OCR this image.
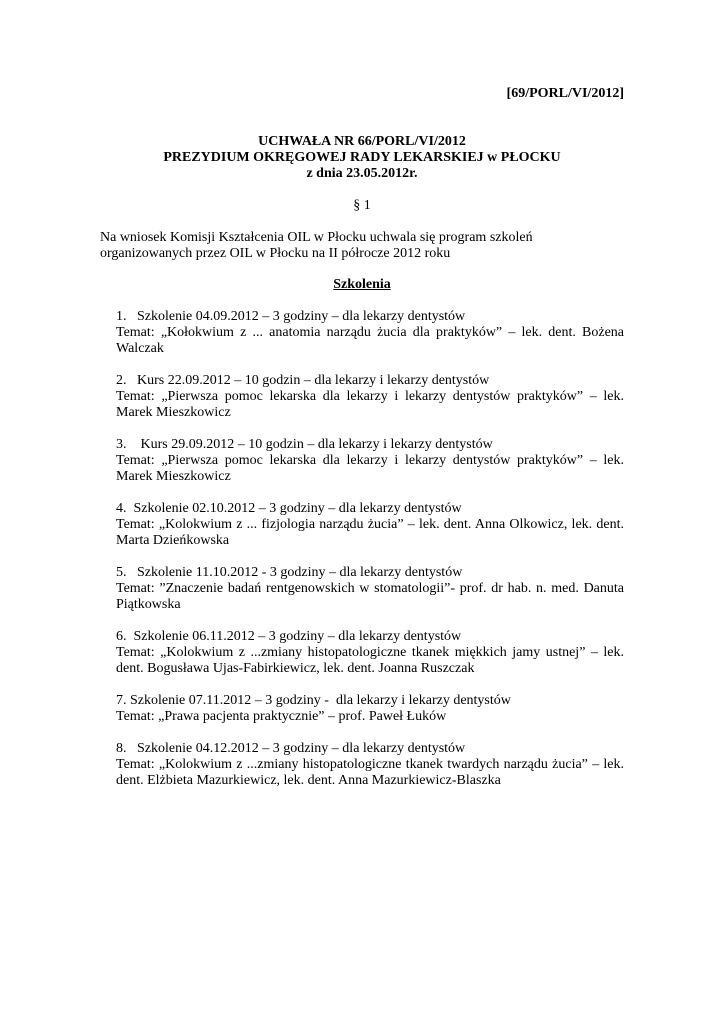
[69/PORL/VI/2012]
UCHWAŁA NR 66/PORL/VI/2012
PREZYDIUM OKRĘGOWEJ RADY LEKARSKIEJ w PŁOCKU
z dnia 23.05.2012r.
§ 1
Na wniosek Komisji Kształcenia OIL w Płocku uchwala się program szkoleń organizowanych przez OIL w Płocku na II półrocze 2012 roku
Szkolenia
1.   Szkolenie 04.09.2012 – 3 godziny – dla lekarzy dentystów
Temat: „Kołokwium z ... anatomia narządu żucia dla praktyków” – lek. dent. Bożena Walczak
2.   Kurs 22.09.2012 – 10 godzin – dla lekarzy i lekarzy dentystów
Temat: „Pierwsza pomoc lekarska dla lekarzy i lekarzy dentystów praktyków” – lek. Marek Mieszkowicz
3.    Kurs 29.09.2012 – 10 godzin – dla lekarzy i lekarzy dentystów
Temat: „Pierwsza pomoc lekarska dla lekarzy i lekarzy dentystów praktyków” – lek. Marek Mieszkowicz
4.  Szkolenie 02.10.2012 – 3 godziny – dla lekarzy dentystów
Temat: „Kolokwium z ... fizjologia narządu żucia” – lek. dent. Anna Olkowicz, lek. dent. Marta Dzieńkowska
5.   Szkolenie 11.10.2012 - 3 godziny – dla lekarzy dentystów
Temat: ”Znaczenie badań rentgenowskich w stomatologii”- prof. dr hab. n. med. Danuta Piątkowska
6.  Szkolenie 06.11.2012 – 3 godziny – dla lekarzy dentystów
Temat: „Kolokwium z ...zmiany histopatologiczne tkanek miękkich jamy ustnej” – lek. dent. Bogusława Ujas-Fabirkiewicz, lek. dent. Joanna Ruszczak
7. Szkolenie 07.11.2012 – 3 godziny -  dla lekarzy i lekarzy dentystów
Temat: „Prawa pacjenta praktycznie” – prof. Paweł Łuków
8.   Szkolenie 04.12.2012 – 3 godziny – dla lekarzy dentystów
Temat: „Kolokwium z ...zmiany histopatologiczne tkanek twardych narządu żucia” – lek. dent. Elżbieta Mazurkiewicz, lek. dent. Anna Mazurkiewicz-Blaszka
